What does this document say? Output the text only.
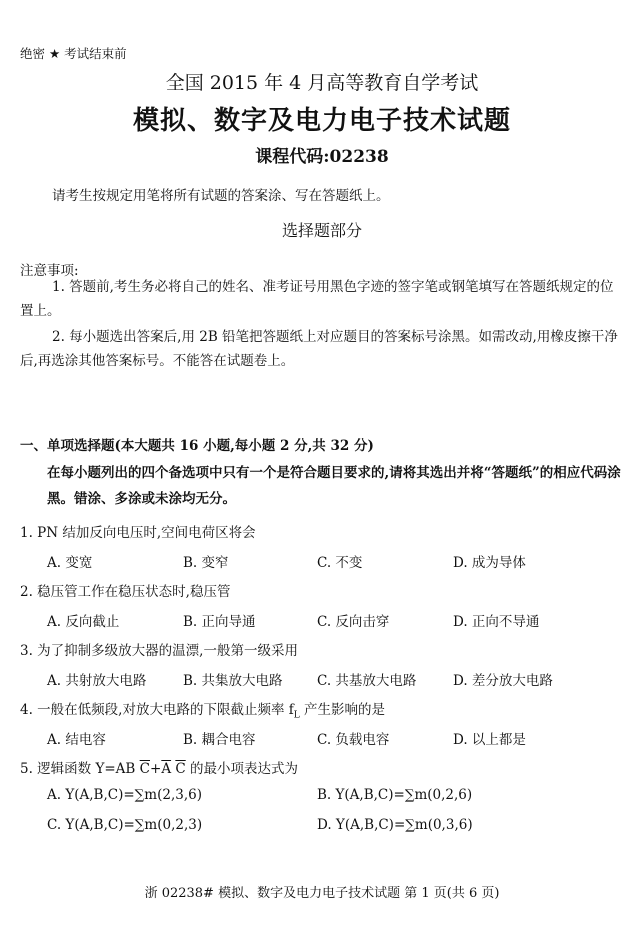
绝密 ★ 考试结束前
全国 2015 年 4 月高等教育自学考试
模拟、数字及电力电子技术试题
课程代码:02238
请考生按规定用笔将所有试题的答案涂、写在答题纸上。
选择题部分
注意事项:
1. 答题前,考生务必将自己的姓名、准考证号用黑色字迹的签字笔或钢笔填写在答题纸规定的位置上。
2. 每小题选出答案后,用 2B 铅笔把答题纸上对应题目的答案标号涂黑。如需改动,用橡皮擦干净后,再选涂其他答案标号。不能答在试题卷上。
一、单项选择题(本大题共 16 小题,每小题 2 分,共 32 分)
在每小题列出的四个备选项中只有一个是符合题目要求的,请将其选出并将“答题纸”的相应代码涂黑。错涂、多涂或未涂均无分。
1. PN 结加反向电压时,空间电荷区将会
A. 变宽	B. 变窄	C. 不变	D. 成为导体
2. 稳压管工作在稳压状态时,稳压管
A. 反向截止	B. 正向导通	C. 反向击穿	D. 正向不导通
3. 为了抑制多级放大器的温漂,一般第一级采用
A. 共射放大电路	B. 共集放大电路	C. 共基放大电路	D. 差分放大电路
4. 一般在低频段,对放大电路的下限截止频率 $f_L$ 产生影响的是
A. 结电容	B. 耦合电容	C. 负载电容	D. 以上都是
5. 逻辑函数 Y=AB $\overline{C}+\overline{A}$ $\overline{C}$ 的最小项表达式为
A. Y(A,B,C)=∑m(2,3,6)	B. Y(A,B,C)=∑m(0,2,6)
C. Y(A,B,C)=∑m(0,2,3)	D. Y(A,B,C)=∑m(0,3,6)
浙 02238# 模拟、数字及电力电子技术试题 第 1 页(共 6 页)
